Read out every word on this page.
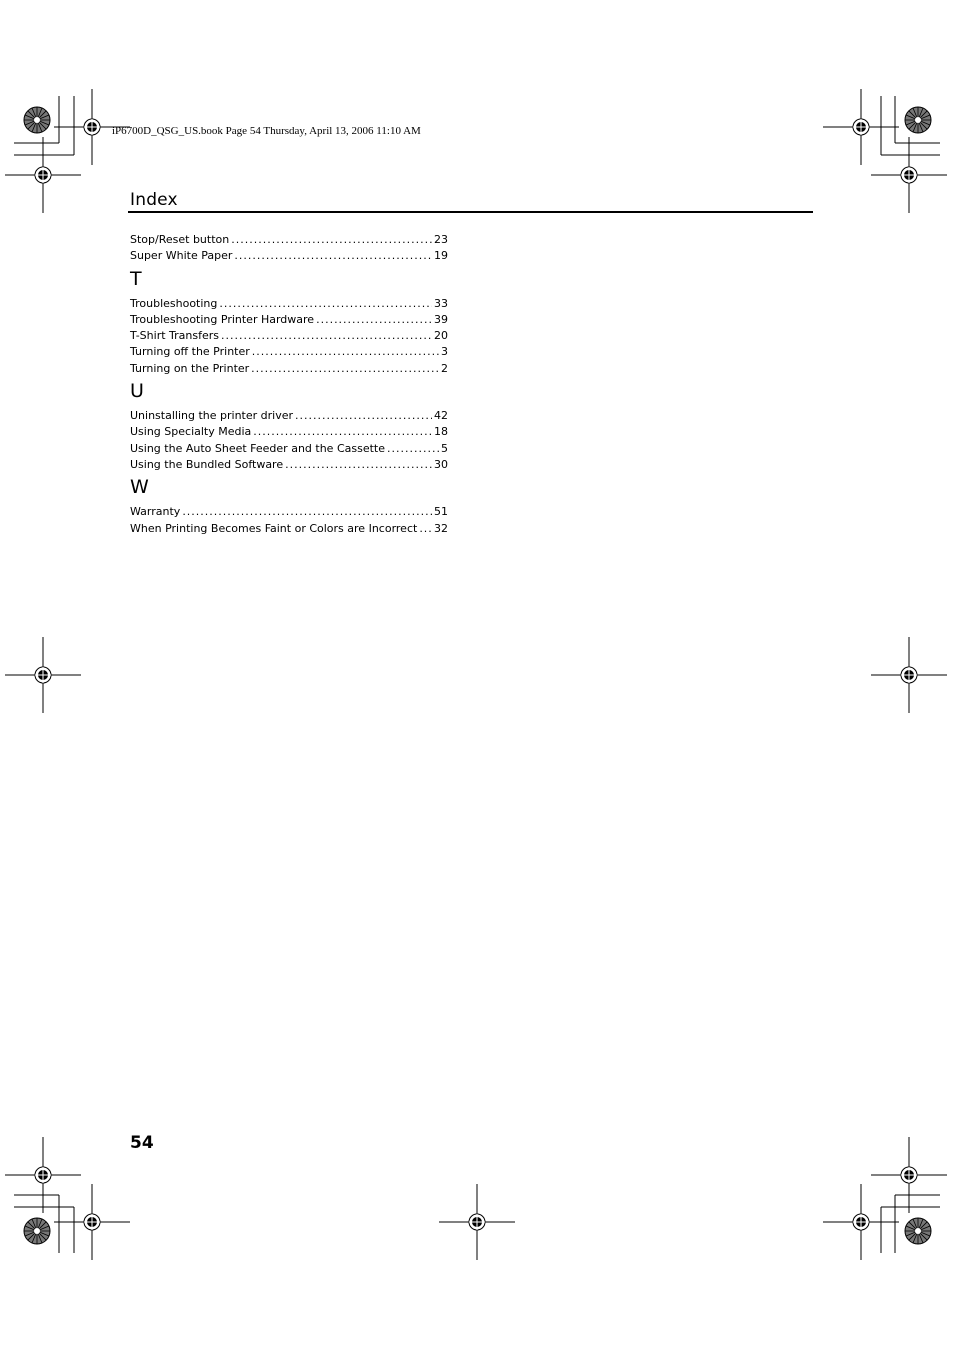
iP6700D_QSG_US.book Page 54 Thursday, April 13, 2006 11:10 AM
Index
Stop/Reset button .....	23
Super White Paper .....	19
T
Troubleshooting .....	33
Troubleshooting Printer Hardware .....	39
T-Shirt Transfers .....	20
Turning off the Printer .....	3
Turning on the Printer .....	2
U
Uninstalling the printer driver .....	42
Using Specialty Media .....	18
Using the Auto Sheet Feeder and the Cassette .....	5
Using the Bundled Software .....	30
W
Warranty .....	51
When Printing Becomes Faint or Colors are Incorrect ..... 32
54
